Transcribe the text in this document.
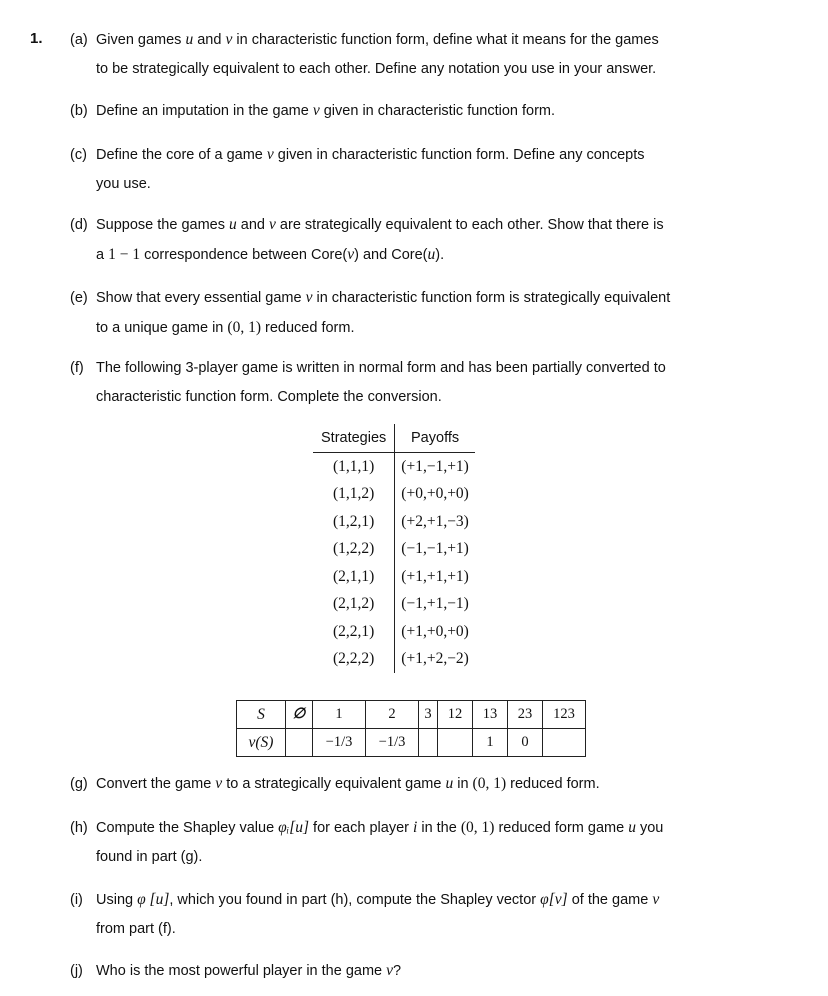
1. (a) Given games u and v in characteristic function form, define what it means for the games
to be strategically equivalent to each other. Define any notation you use in your answer.
(b) Define an imputation in the game v given in characteristic function form.
(c) Define the core of a game v given in characteristic function form. Define any concepts
you use.
(d) Suppose the games u and v are strategically equivalent to each other. Show that there is
a 1 − 1 correspondence between Core(v) and Core(u).
(e) Show that every essential game v in characteristic function form is strategically equivalent
to a unique game in (0, 1) reduced form.
(f) The following 3-player game is written in normal form and has been partially converted to
characteristic function form. Complete the conversion.
Strategies	Payoffs
(1,1,1)	(+1,−1,+1)
(1,1,2)	(+0,+0,+0)
(1,2,1)	(+2,+1,−3)
(1,2,2)	(−1,−1,+1)
(2,1,1)	(+1,+1,+1)
(2,1,2)	(−1,+1,−1)
(2,2,1)	(+1,+0,+0)
(2,2,2)	(+1,+2,−2)
S	∅	1	2	3	12	13	23	123
v(S)		−1/3	−1/3			1	0	
(g) Convert the game v to a strategically equivalent game u in (0, 1) reduced form.
(h) Compute the Shapley value φᵢ[u] for each player i in the (0, 1) reduced form game u you
found in part (g).
(i) Using φ [u], which you found in part (h), compute the Shapley vector φ[v] of the game v
from part (f).
(j) Who is the most powerful player in the game v?
